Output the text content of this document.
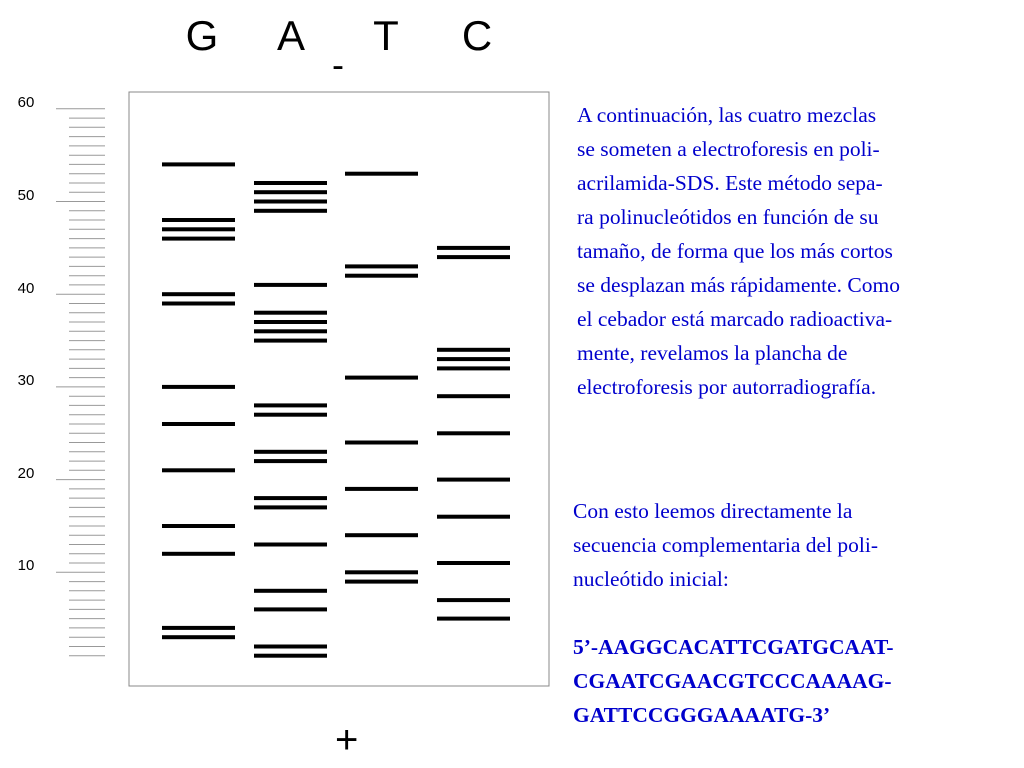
G A T C
-
+
60
50
40
30
20
10
A continuación, las cuatro mezclas
se someten a electroforesis en poli-
acrilamida-SDS. Este método sepa-
ra polinucleótidos en función de su
tamaño, de forma que los más cortos
se desplazan más rápidamente. Como
el cebador está marcado radioactiva-
mente, revelamos la plancha de
electroforesis por autorradiografía.
Con esto leemos directamente la
secuencia complementaria del poli-
nucleótido inicial:
5’-AAGGCACATTCGATGCAAT-
CGAATCGAACGTCCCAAAAG-
GATTCCGGGAAAATG-3’
